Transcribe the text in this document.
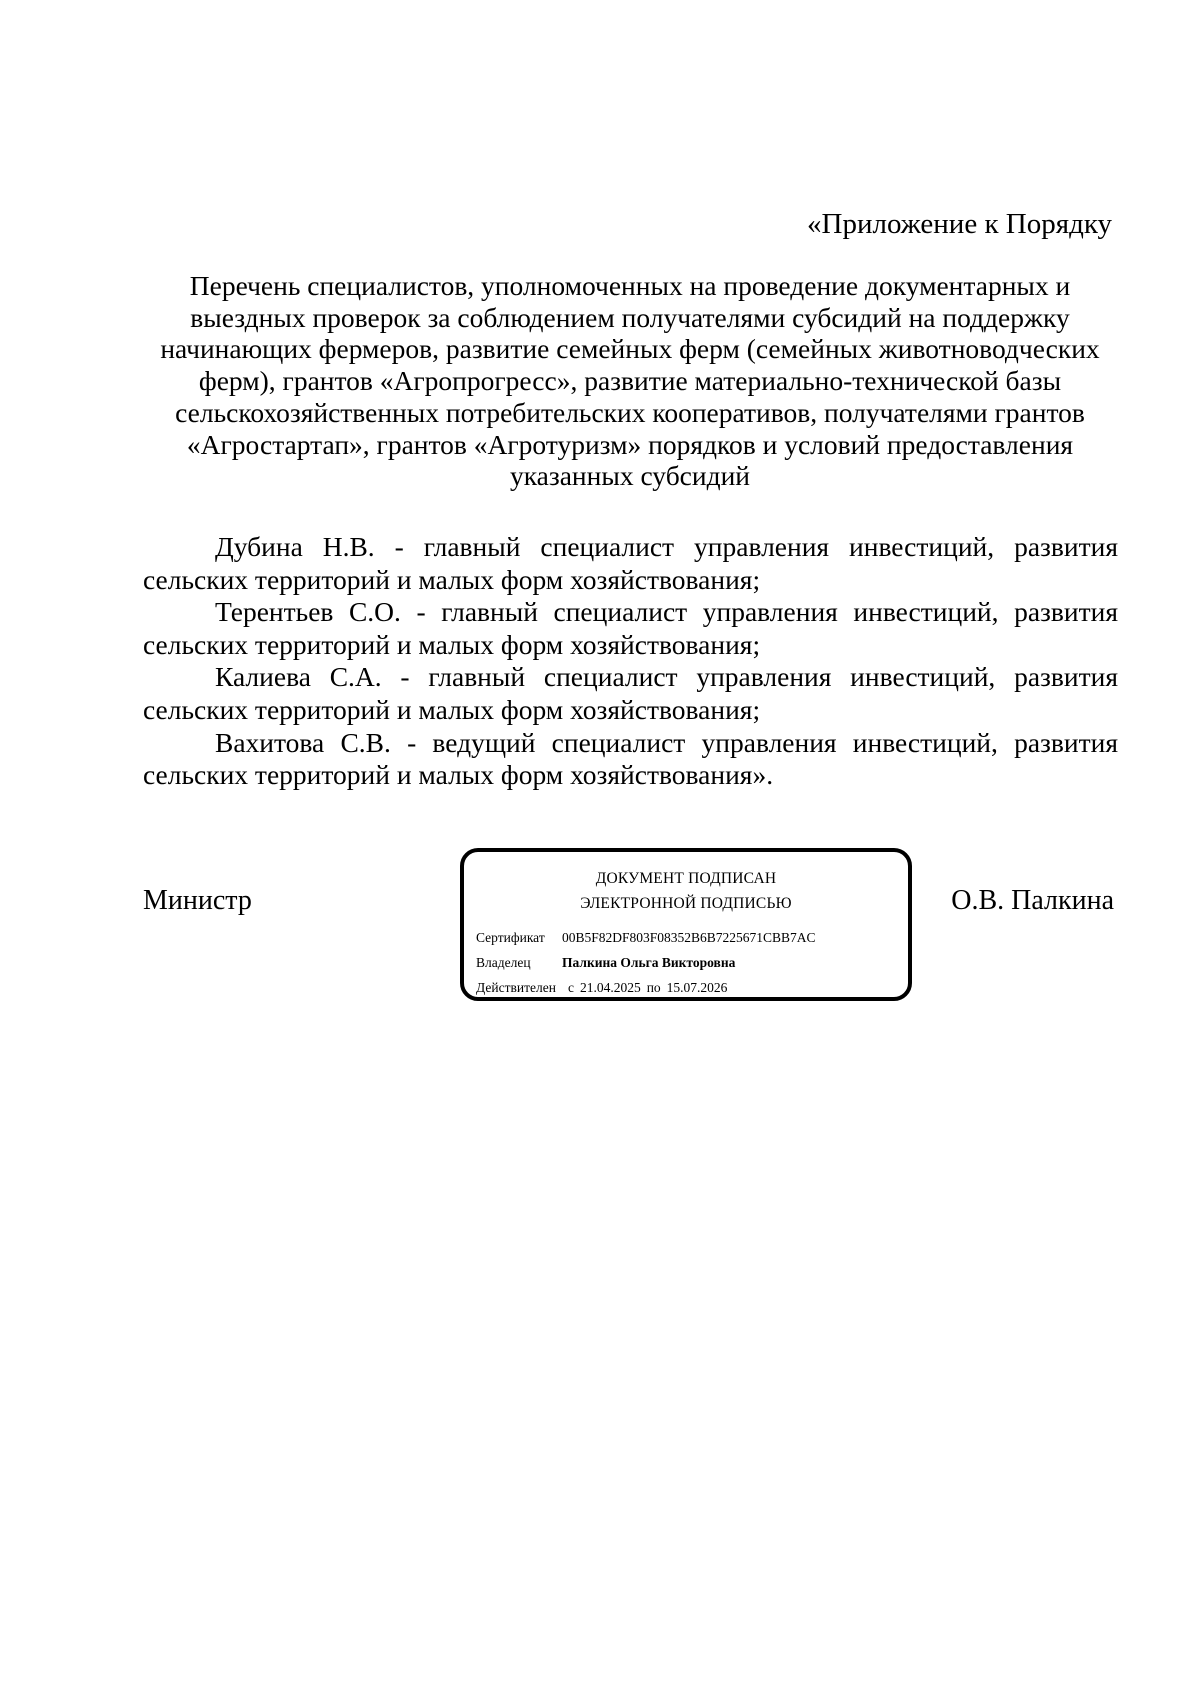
«Приложение к Порядку
Перечень специалистов, уполномоченных на проведение документарных и
выездных проверок за соблюдением получателями субсидий на поддержку
начинающих фермеров, развитие семейных ферм (семейных животноводческих
ферм), грантов «Агропрогресс», развитие материально-технической базы
сельскохозяйственных потребительских кооперативов, получателями грантов
«Агростартап», грантов «Агротуризм» порядков и условий предоставления
указанных субсидий

Дубина Н.В. - главный специалист управления инвестиций, развития сельских территорий и малых форм хозяйствования;

Терентьев С.О. - главный специалист управления инвестиций, развития сельских территорий и малых форм хозяйствования;

Калиева С.А. - главный специалист управления инвестиций, развития сельских территорий и малых форм хозяйствования;

Вахитова С.В. - ведущий специалист управления инвестиций, развития сельских территорий и малых форм хозяйствования».

Министр
ДОКУМЕНТ ПОДПИСАН
ЭЛЕКТРОННОЙ ПОДПИСЬЮ
Сертификат 00B5F82DF803F08352B6B7225671CBB7AC
Владелец Палкина Ольга Викторовна
Действителен с 21.04.2025 по 15.07.2026
О.В. Палкина
